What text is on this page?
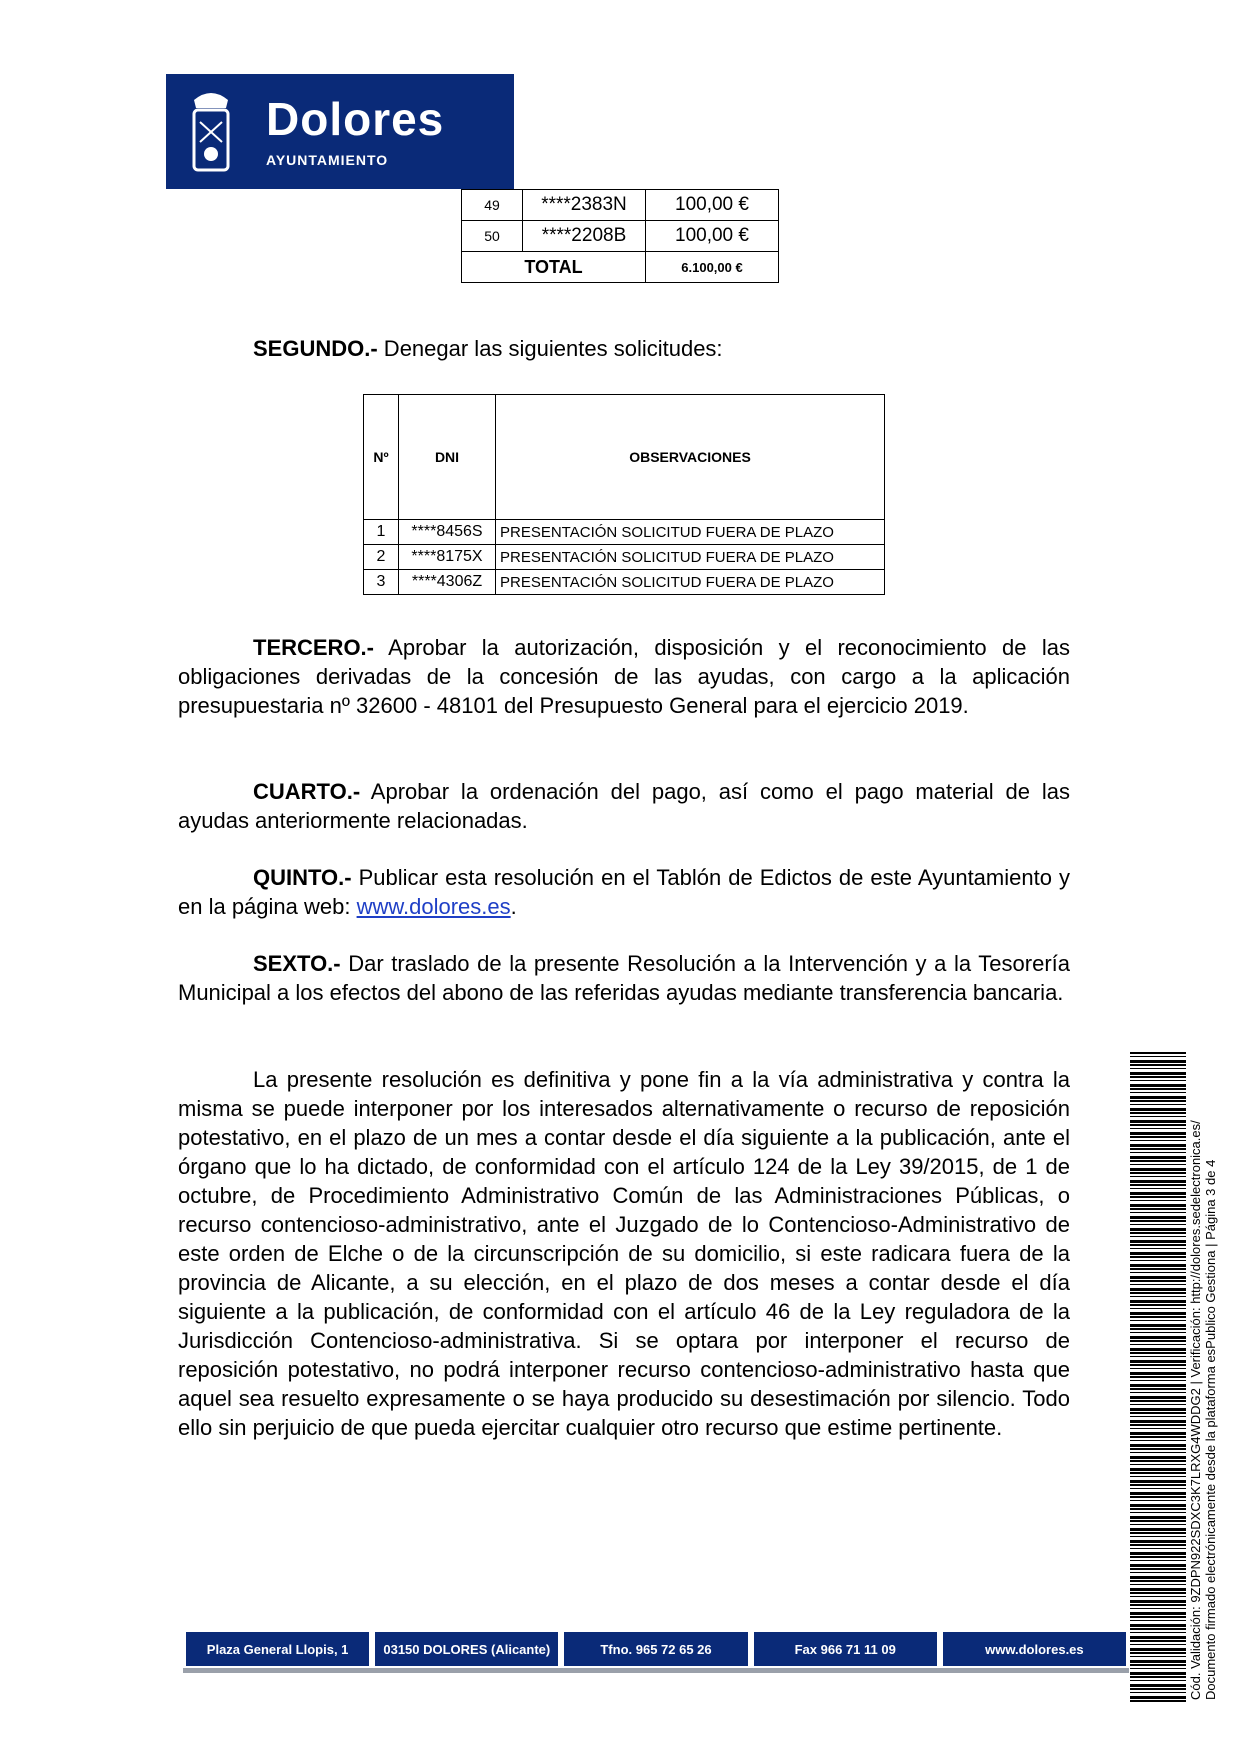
Dolores
AYUNTAMIENTO
49	****2383N	100,00 €
50	****2208B	100,00 €
TOTAL		6.100,00 €
SEGUNDO.- Denegar las siguientes solicitudes:
Nº	DNI	OBSERVACIONES
1	****8456S	PRESENTACIÓN SOLICITUD FUERA DE PLAZO
2	****8175X	PRESENTACIÓN SOLICITUD FUERA DE PLAZO
3	****4306Z	PRESENTACIÓN SOLICITUD FUERA DE PLAZO
TERCERO.- Aprobar la autorización, disposición y el reconocimiento de las obligaciones derivadas de la concesión de las ayudas, con cargo a la aplicación presupuestaria nº 32600 - 48101 del Presupuesto General para el ejercicio 2019.
CUARTO.- Aprobar la ordenación del pago, así como el pago material de las ayudas anteriormente relacionadas.
QUINTO.- Publicar esta resolución en el Tablón de Edictos de este Ayuntamiento y en la página web: www.dolores.es.
SEXTO.- Dar traslado de la presente Resolución a la Intervención y a la Tesorería Municipal a los efectos del abono de las referidas ayudas mediante transferencia bancaria.
La presente resolución es definitiva y pone fin a la vía administrativa y contra la misma se puede interponer por los interesados alternativamente o recurso de reposición potestativo, en el plazo de un mes a contar desde el día siguiente a la publicación, ante el órgano que lo ha dictado, de conformidad con el artículo 124 de la Ley 39/2015, de 1 de octubre, de Procedimiento Administrativo Común de las Administraciones Públicas, o recurso contencioso-administrativo, ante el Juzgado de lo Contencioso-Administrativo de este orden de Elche o de la circunscripción de su domicilio, si este radicara fuera de la provincia de Alicante, a su elección, en el plazo de dos meses a contar desde el día siguiente a la publicación, de conformidad con el artículo 46 de la Ley reguladora de la Jurisdicción Contencioso-administrativa. Si se optara por interponer el recurso de reposición potestativo, no podrá interponer recurso contencioso-administrativo hasta que aquel sea resuelto expresamente o se haya producido su desestimación por silencio. Todo ello sin perjuicio de que pueda ejercitar cualquier otro recurso que estime pertinente.	Cód. Validación: 9ZDPN922SDXC3K7LRXG4WDDG2 | Verificación: http://dolores.sedelectronica.es/ Documento firmado electrónicamente desde la plataforma esPublico Gestiona | Página 3 de 4
Plaza General Llopis, 1	03150 DOLORES (Alicante)	Tfno. 965 72 65 26	Fax 966 71 11 09	www.dolores.es
